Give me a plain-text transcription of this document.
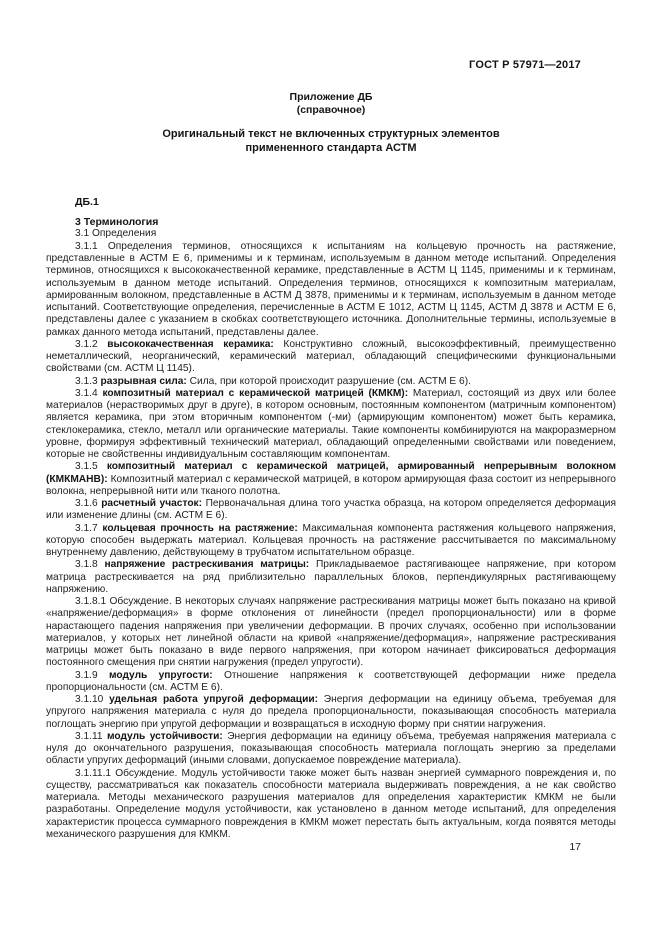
ГОСТ Р 57971—2017
Приложение ДБ
(справочное)
Оригинальный текст не включенных структурных элементов
примененного стандарта АСТМ

ДБ.1

3 Терминология

3.1 Определения

3.1.1 Определения терминов, относящихся к испытаниям на кольцевую прочность на растяжение, представленные в АСТМ Е 6, применимы и к терминам, используемым в данном методе испытаний. Определения терминов, относящихся к высококачественной керамике, представленные в АСТМ Ц 1145, применимы и к терминам, используемым в данном методе испытаний. Определения терминов, относящихся к композитным материалам, армированным волокном, представленные в АСТМ Д 3878, применимы и к терминам, используемым в данном методе испытаний. Соответствующие определения, перечисленные в АСТМ Е 1012, АСТМ Ц 1145, АСТМ Д 3878 и АСТМ Е 6, представлены далее с указанием в скобках соответствующего источника. Дополнительные термины, используемые в рамках данного метода испытаний, представлены далее.

3.1.2 высококачественная керамика: Конструктивно сложный, высокоэффективный, преимущественно неметаллический, неорганический, керамический материал, обладающий специфическими функциональными свойствами (см. АСТМ Ц 1145).

3.1.3 разрывная сила: Сила, при которой происходит разрушение (см. АСТМ Е 6).

3.1.4 композитный материал с керамической матрицей (КМКМ): Материал, состоящий из двух или более материалов (нерастворимых друг в друге), в котором основным, постоянным компонентом (матричным компонентом) является керамика, при этом вторичным компонентом (-ми) (армирующим компонентом) может быть керамика, стеклокерамика, стекло, металл или органические материалы. Такие компоненты комбинируются на макроразмерном уровне, формируя эффективный технический материал, обладающий определенными свойствами или поведением, которые не свойственны индивидуальным составляющим компонентам.

3.1.5 композитный материал с керамической матрицей, армированный непрерывным волокном (КМКМАНВ): Композитный материал с керамической матрицей, в котором армирующая фаза состоит из непрерывного волокна, непрерывной нити или тканого полотна.

3.1.6 расчетный участок: Первоначальная длина того участка образца, на котором определяется деформация или изменение длины (см. АСТМ Е 6).

3.1.7 кольцевая прочность на растяжение: Максимальная компонента растяжения кольцевого напряжения, которую способен выдержать материал. Кольцевая прочность на растяжение рассчитывается по максимальному внутреннему давлению, действующему в трубчатом испытательном образце.

3.1.8 напряжение растрескивания матрицы: Прикладываемое растягивающее напряжение, при котором матрица растрескивается на ряд приблизительно параллельных блоков, перпендикулярных растягивающему напряжению.

3.1.8.1 Обсуждение. В некоторых случаях напряжение растрескивания матрицы может быть показано на кривой «напряжение/деформация» в форме отклонения от линейности (предел пропорциональности) или в форме нарастающего падения напряжения при увеличении деформации. В прочих случаях, особенно при использовании материалов, у которых нет линейной области на кривой «напряжение/деформация», напряжение растрескивания матрицы может быть показано в виде первого напряжения, при котором начинает фиксироваться деформация постоянного смещения при снятии нагружения (предел упругости).

3.1.9 модуль упругости: Отношение напряжения к соответствующей деформации ниже предела пропорциональности (см. АСТМ Е 6).

3.1.10 удельная работа упругой деформации: Энергия деформации на единицу объема, требуемая для упругого напряжения материала с нуля до предела пропорциональности, показывающая способность материала поглощать энергию при упругой деформации и возвращаться в исходную форму при снятии нагружения.

3.1.11 модуль устойчивости: Энергия деформации на единицу объема, требуемая напряжения материала с нуля до окончательного разрушения, показывающая способность материала поглощать энергию за пределами области упругих деформаций (иными словами, допускаемое повреждение материала).

3.1.11.1 Обсуждение. Модуль устойчивости также может быть назван энергией суммарного повреждения и, по существу, рассматриваться как показатель способности материала выдерживать повреждения, а не как свойство материала. Методы механического разрушения материалов для определения характеристик КМКМ не были разработаны. Определение модуля устойчивости, как установлено в данном методе испытаний, для определения характеристик процесса суммарного повреждения в КМКМ может перестать быть актуальным, когда появятся методы механического разрушения для КМКМ.

17
